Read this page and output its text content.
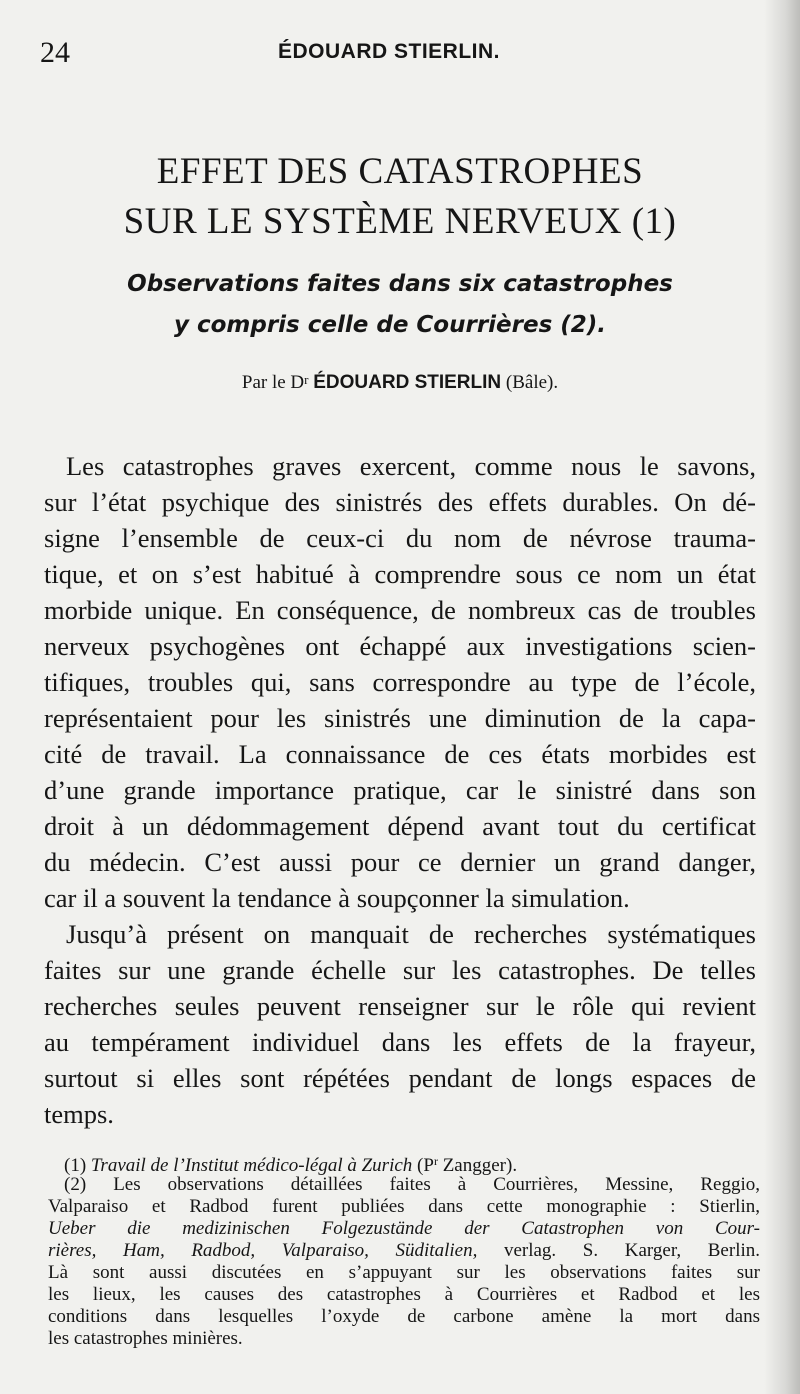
24	ÉDOUARD STIERLIN.
EFFET DES CATASTROPHES
SUR LE SYSTÈME NERVEUX (1)
Observations faites dans six catastrophes
y compris celle de Courrières (2).
Par le $D^r$ ÉDOUARD STIERLIN (Bâle).
Les catastrophes graves exercent, comme nous le savons,
sur l’état psychique des sinistrés des effets durables. On dé-
signe l’ensemble de ceux-ci du nom de névrose trauma-
tique, et on s’est habitué à comprendre sous ce nom un état
morbide unique. En conséquence, de nombreux cas de troubles
nerveux psychogènes ont échappé aux investigations scien-
tifiques, troubles qui, sans correspondre au type de l’école,
représentaient pour les sinistrés une diminution de la capa-
cité de travail. La connaissance de ces états morbides est
d’une grande importance pratique, car le sinistré dans son
droit à un dédommagement dépend avant tout du certificat
du médecin. C’est aussi pour ce dernier un grand danger,
car il a souvent la tendance à soupçonner la simulation.
Jusqu’à présent on manquait de recherches systématiques
faites sur une grande échelle sur les catastrophes. De telles
recherches seules peuvent renseigner sur le rôle qui revient
au tempérament individuel dans les effets de la frayeur,
surtout si elles sont répétées pendant de longs espaces de
temps.
(1) Travail de l’Institut médico-légal à Zurich (P$^r$ Zangger).
(2) Les observations détaillées faites à Courrières, Messine, Reggio,
Valparaiso et Radbod furent publiées dans cette monographie : Stierlin,
Ueber die medizinischen Folgezustände der Catastrophen von Cour-
rières, Ham, Radbod, Valparaiso, Süditalien, verlag. S. Karger, Berlin.
Là sont aussi discutées en s’appuyant sur les observations faites sur
les lieux, les causes des catastrophes à Courrières et Radbod et les
conditions dans lesquelles l’oxyde de carbone amène la mort dans
les catastrophes minières.
